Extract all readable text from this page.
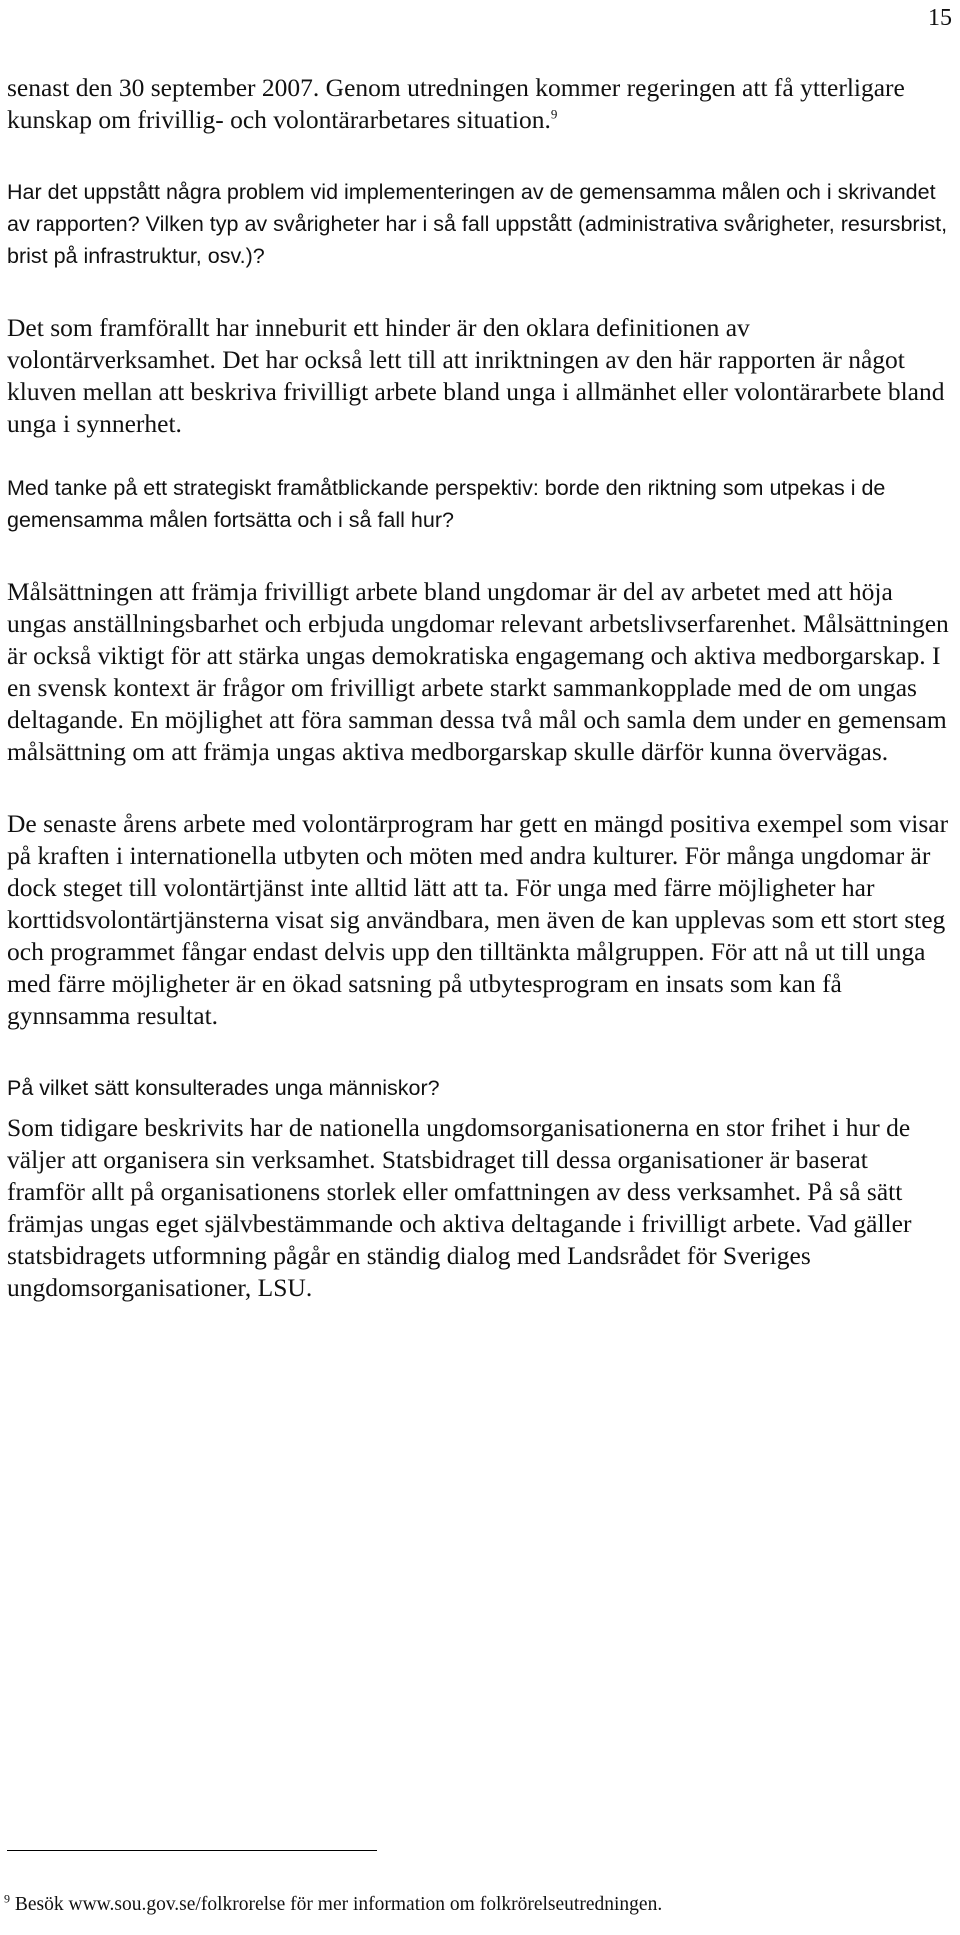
15

senast den 30 september 2007. Genom utredningen kommer regeringen att få ytterligare kunskap om frivillig- och volontärarbetares situation.$^9$

Har det uppstått några problem vid implementeringen av de gemensamma målen och i skrivandet av rapporten? Vilken typ av svårigheter har i så fall uppstått (administrativa svårigheter, resursbrist, brist på infrastruktur, osv.)?

Det som framförallt har inneburit ett hinder är den oklara definitionen av volontärverksamhet. Det har också lett till att inriktningen av den här rapporten är något kluven mellan att beskriva frivilligt arbete bland unga i allmänhet eller volontärarbete bland unga i synnerhet.

Med tanke på ett strategiskt framåtblickande perspektiv: borde den riktning som utpekas i de gemensamma målen fortsätta och i så fall hur?

Målsättningen att främja frivilligt arbete bland ungdomar är del av arbetet med att höja ungas anställningsbarhet och erbjuda ungdomar relevant arbetslivserfarenhet. Målsättningen är också viktigt för att stärka ungas demokratiska engagemang och aktiva medborgarskap. I en svensk kontext är frågor om frivilligt arbete starkt sammankopplade med de om ungas deltagande. En möjlighet att föra samman dessa två mål och samla dem under en gemensam målsättning om att främja ungas aktiva medborgarskap skulle därför kunna övervägas.

De senaste årens arbete med volontärprogram har gett en mängd positiva exempel som visar på kraften i internationella utbyten och möten med andra kulturer. För många ungdomar är dock steget till volontärtjänst inte alltid lätt att ta. För unga med färre möjligheter har korttidsvolontärtjänsterna visat sig användbara, men även de kan upplevas som ett stort steg och programmet fångar endast delvis upp den tilltänkta målgruppen. För att nå ut till unga med färre möjligheter är en ökad satsning på utbytesprogram en insats som kan få gynnsamma resultat.

På vilket sätt konsulterades unga människor?

Som tidigare beskrivits har de nationella ungdomsorganisationerna en stor frihet i hur de väljer att organisera sin verksamhet. Statsbidraget till dessa organisationer är baserat framför allt på organisationens storlek eller omfattningen av dess verksamhet. På så sätt främjas ungas eget självbestämmande och aktiva deltagande i frivilligt arbete. Vad gäller statsbidragets utformning pågår en ständig dialog med Landsrådet för Sveriges ungdomsorganisationer, LSU.

$^9$ Besök www.sou.gov.se/folkrorelse för mer information om folkrörelseutredningen.
